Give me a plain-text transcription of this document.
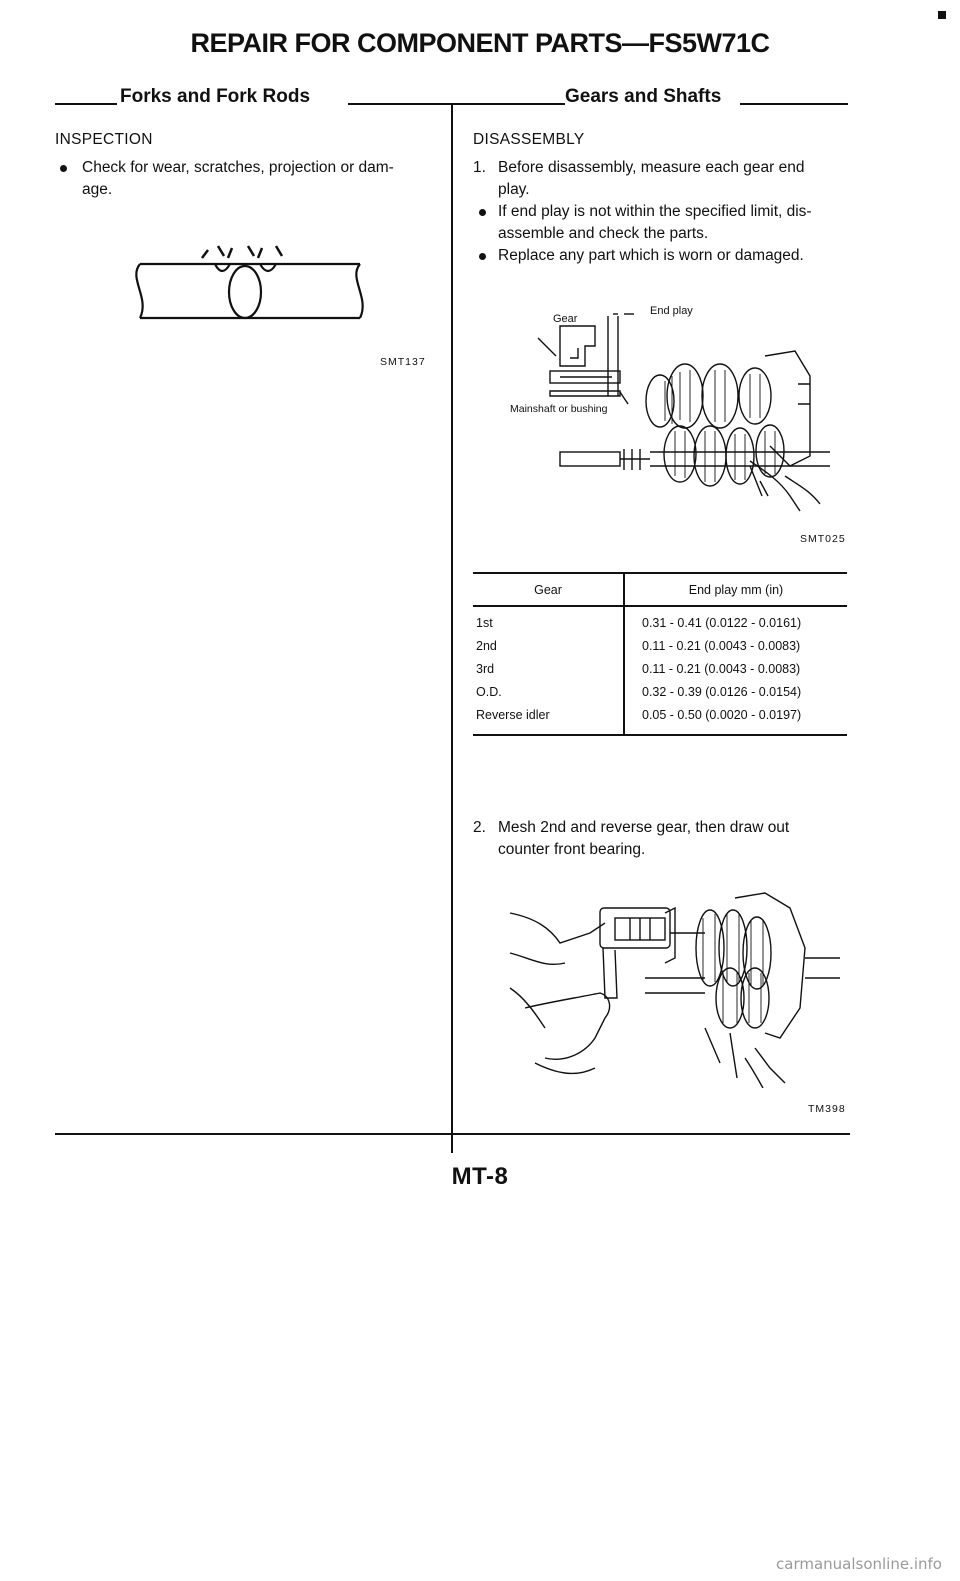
REPAIR FOR COMPONENT PARTS—FS5W71C
Forks and Fork Rods	Gears and Shafts
INSPECTION
Check for wear, scratches, projection or dam-
age.
SMT137
DISASSEMBLY
1. Before disassembly, measure each gear end
play.
If end play is not within the specified limit, dis-
assemble and check the parts.
Replace any part which is worn or damaged.
Gear
End play
Mainshaft or bushing
SMT025
Gear	End play mm (in)
1st	0.31 - 0.41 (0.0122 - 0.0161)
2nd	0.11 - 0.21 (0.0043 - 0.0083)
3rd	0.11 - 0.21 (0.0043 - 0.0083)
O.D.	0.32 - 0.39 (0.0126 - 0.0154)
Reverse idler	0.05 - 0.50 (0.0020 - 0.0197)
2. Mesh 2nd and reverse gear, then draw out
counter front bearing.
TM398
MT-8
carmanualsonline.info
